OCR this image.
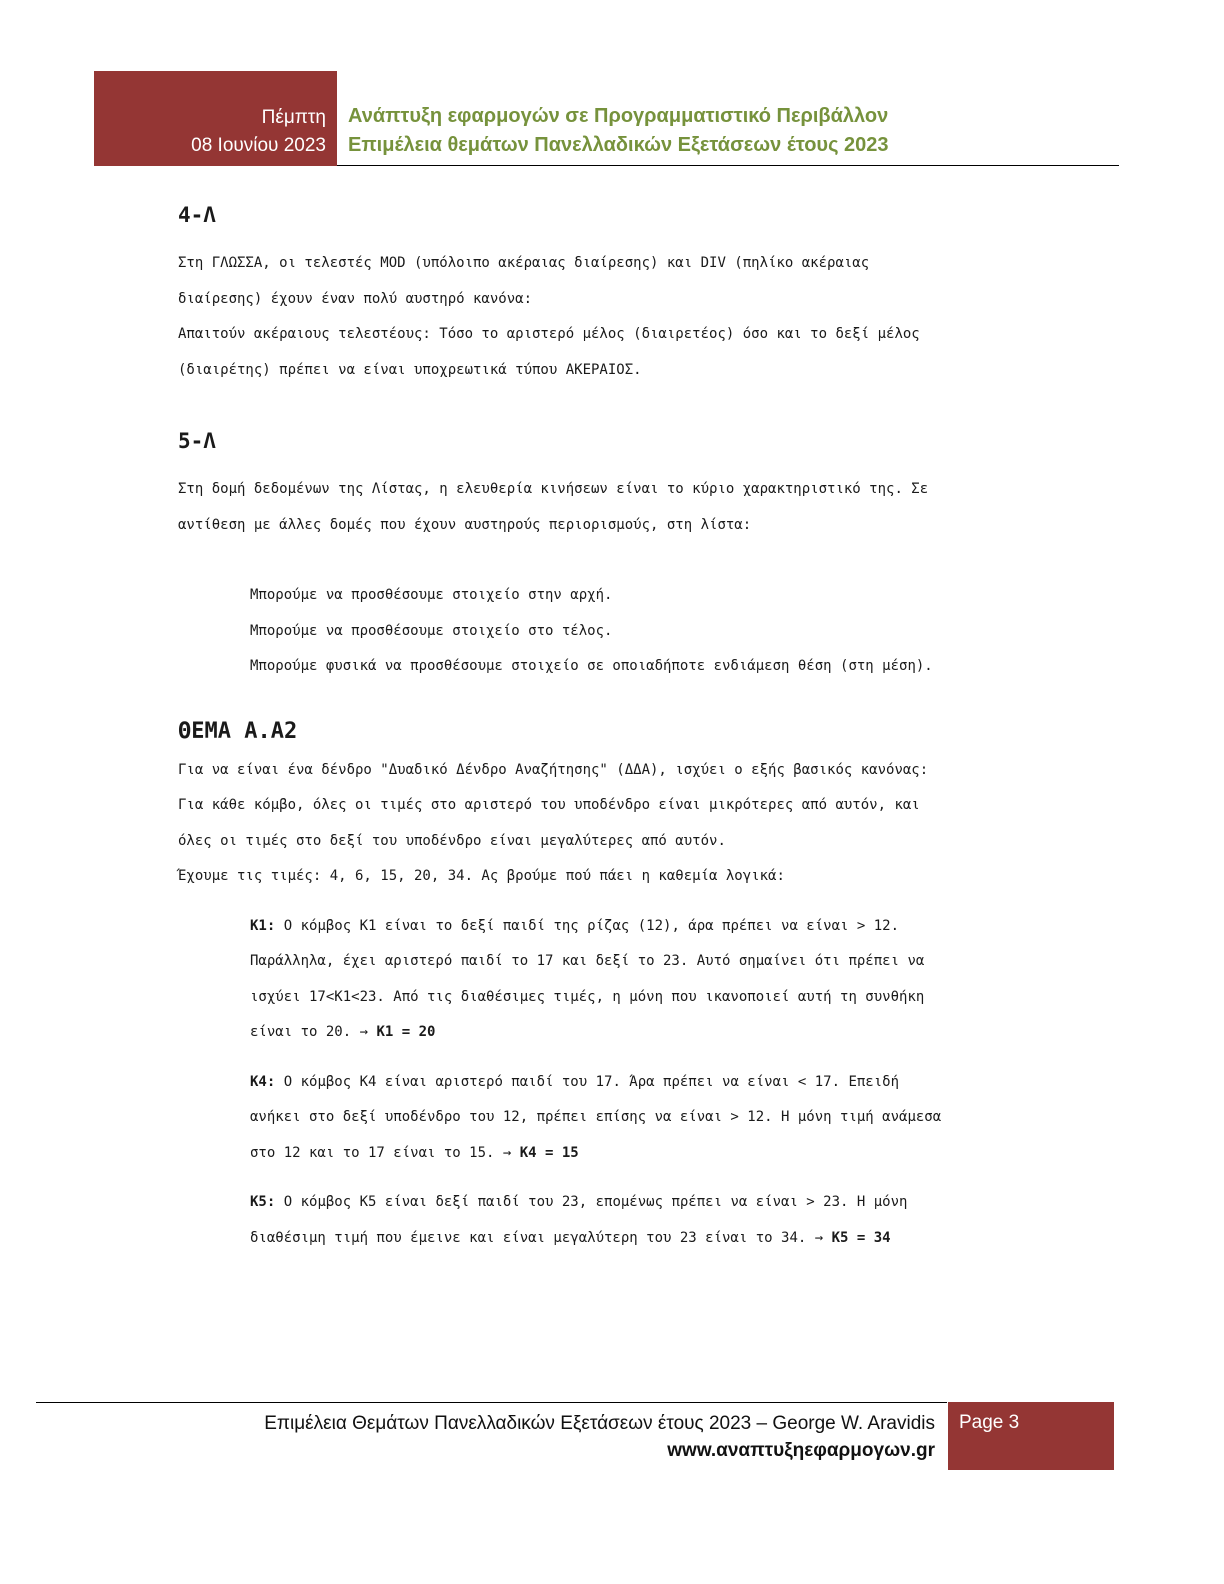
Πέμπτη
08 Ιουνίου 2023
Ανάπτυξη εφαρμογών σε Προγραμματιστικό Περιβάλλον
Επιμέλεια θεμάτων Πανελλαδικών Εξετάσεων έτους 2023
4-Λ

Στη ΓΛΩΣΣΑ, οι τελεστές MOD (υπόλοιπο ακέραιας διαίρεσης) και DIV (πηλίκο ακέραιας

διαίρεσης) έχουν έναν πολύ αυστηρό κανόνα:

Απαιτούν ακέραιους τελεστέους: Τόσο το αριστερό μέλος (διαιρετέος) όσο και το δεξί μέλος

(διαιρέτης) πρέπει να είναι υποχρεωτικά τύπου ΑΚΕΡΑΙΟΣ.

5-Λ

Στη δομή δεδομένων της Λίστας, η ελευθερία κινήσεων είναι το κύριο χαρακτηριστικό της. Σε

αντίθεση με άλλες δομές που έχουν αυστηρούς περιορισμούς, στη λίστα:

Μπορούμε να προσθέσουμε στοιχείο στην αρχή.

Μπορούμε να προσθέσουμε στοιχείο στο τέλος.

Μπορούμε φυσικά να προσθέσουμε στοιχείο σε οποιαδήποτε ενδιάμεση θέση (στη μέση).

ΘΕΜΑ Α.Α2

Για να είναι ένα δένδρο "Δυαδικό Δένδρο Αναζήτησης" (ΔΔΑ), ισχύει ο εξής βασικός κανόνας:

Για κάθε κόμβο, όλες οι τιμές στο αριστερό του υποδένδρο είναι μικρότερες από αυτόν, και

όλες οι τιμές στο δεξί του υποδένδρο είναι μεγαλύτερες από αυτόν.

Έχουμε τις τιμές: 4, 6, 15, 20, 34. Ας βρούμε πού πάει η καθεμία λογικά:

Κ1: Ο κόμβος Κ1 είναι το δεξί παιδί της ρίζας (12), άρα πρέπει να είναι > 12.

Παράλληλα, έχει αριστερό παιδί το 17 και δεξί το 23. Αυτό σημαίνει ότι πρέπει να

ισχύει 17<Κ1<23. Από τις διαθέσιμες τιμές, η μόνη που ικανοποιεί αυτή τη συνθήκη

είναι το 20. → Κ1 = 20

Κ4: Ο κόμβος Κ4 είναι αριστερό παιδί του 17. Άρα πρέπει να είναι < 17. Επειδή

ανήκει στο δεξί υποδένδρο του 12, πρέπει επίσης να είναι > 12. Η μόνη τιμή ανάμεσα

στο 12 και το 17 είναι το 15. → Κ4 = 15

Κ5: Ο κόμβος Κ5 είναι δεξί παιδί του 23, επομένως πρέπει να είναι > 23. Η μόνη

διαθέσιμη τιμή που έμεινε και είναι μεγαλύτερη του 23 είναι το 34. → Κ5 = 34

Επιμέλεια Θεμάτων Πανελλαδικών Εξετάσεων έτους 2023 – George W. Aravidis
www.αναπτυξηεφαρμογων.gr
Page 3
